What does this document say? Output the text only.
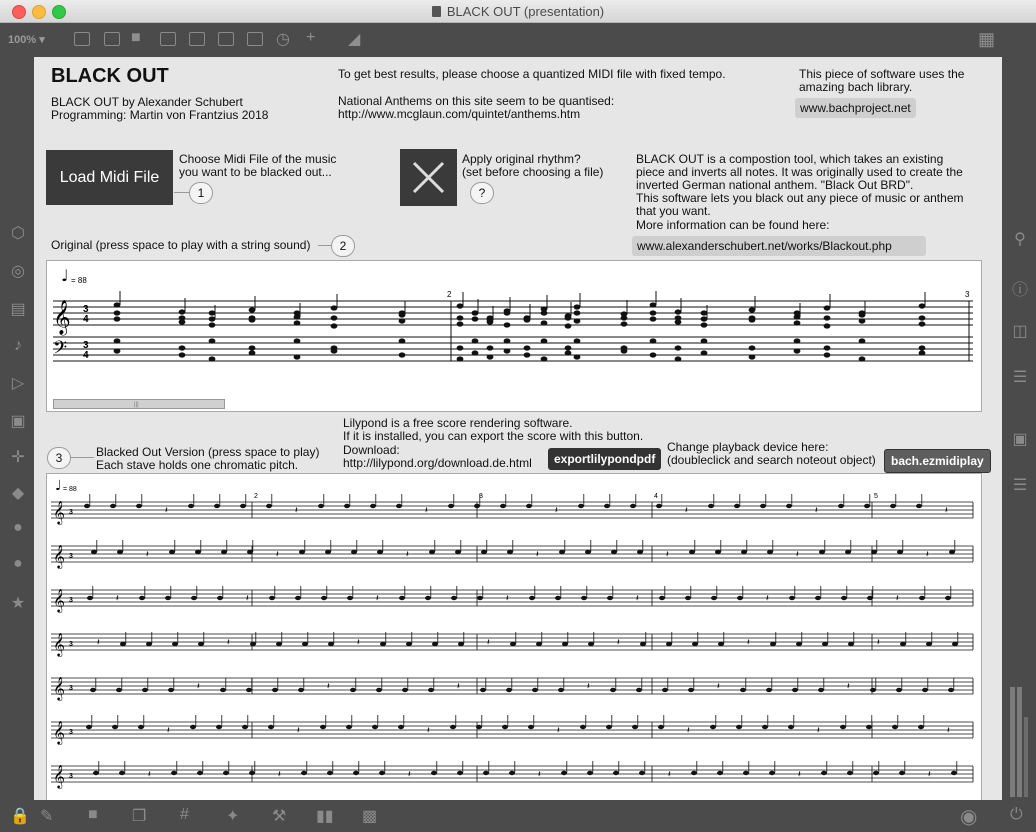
BLACK OUT (presentation)
100% ▾	■	◷ + ◢	▦
⬡
◎
▤
♪
▷
▣
✛
◆
●
●
★
⚲
ⓘ
◫
☰
▣
☰
🔒 ✎ ■ ❐ # ✦ ⚒ ▮▮ ▩	◉ ⏻
BLACK OUT
BLACK OUT by Alexander Schubert
Programming: Martin von Frantzius 2018
To get best results, please choose a quantized MIDI file with fixed tempo.
National Anthems on this site seem to be quantised:
http://www.mcglaun.com/quintet/anthems.htm
This piece of software uses the
amazing bach library.
www.bachproject.net
Load Midi File
Choose Midi File of the music
you want to be blacked out...
1
Apply original rhythm?
(set before choosing a file)
?
BLACK OUT is a compostion tool, which takes an existing
piece and inverts all notes. It was originally used to create the
inverted German national anthem. "Black Out BRD".
This software lets you black out any piece of music or anthem
that you want.
More information can be found here:
www.alexanderschubert.net/works/Blackout.php
Original (press space to play with a string sound)	2
♩ = 88
2	3
𝄞
𝄢
3
4
3
4
|||
Lilypond is a free score rendering software.
If it is installed, you can export the score with this button.
Download:
http://lilypond.org/download.de.html	exportlilypondpdf
3	Blacked Out Version (press space to play)
Each stave holds one chromatic pitch.
Change playback device here:
(doubleclick and search noteout object)	bach.ezmidiplay
♩ = 88
2	3	4	5
𝄞 3	𝄽	𝄽	𝄽	𝄽	𝄽	𝄽	𝄽
𝄞 3	𝄽	𝄽	𝄽	𝄽	𝄽	𝄽	𝄽
𝄞 3	𝄽	𝄽	𝄽	𝄽	𝄽	𝄽	𝄽
𝄞 3	𝄽	𝄽	𝄽	𝄽	𝄽	𝄽	𝄽
𝄞 3	𝄽	𝄽	𝄽	𝄽	𝄽	𝄽
𝄞 3	𝄽	𝄽	𝄽	𝄽	𝄽	𝄽	𝄽
𝄞 3	𝄽	𝄽	𝄽	𝄽	𝄽	𝄽	𝄽
